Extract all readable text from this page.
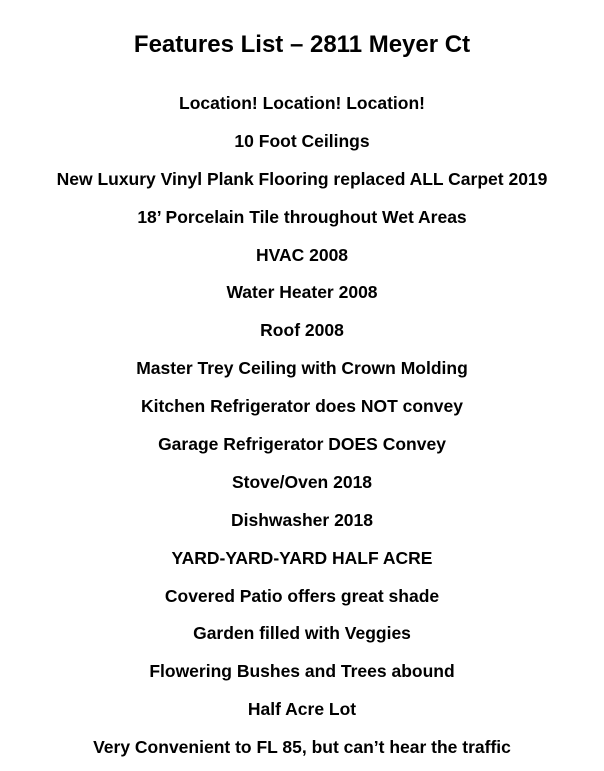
Features List – 2811 Meyer Ct
Location! Location! Location!
10 Foot Ceilings
New Luxury Vinyl Plank Flooring replaced ALL Carpet 2019
18’ Porcelain Tile throughout Wet Areas
HVAC 2008
Water Heater 2008
Roof 2008
Master Trey Ceiling with Crown Molding
Kitchen Refrigerator does NOT convey
Garage Refrigerator DOES Convey
Stove/Oven 2018
Dishwasher 2018
YARD-YARD-YARD HALF ACRE
Covered Patio offers great shade
Garden filled with Veggies
Flowering Bushes and Trees abound
Half Acre Lot
Very Convenient to FL 85, but can’t hear the traffic
